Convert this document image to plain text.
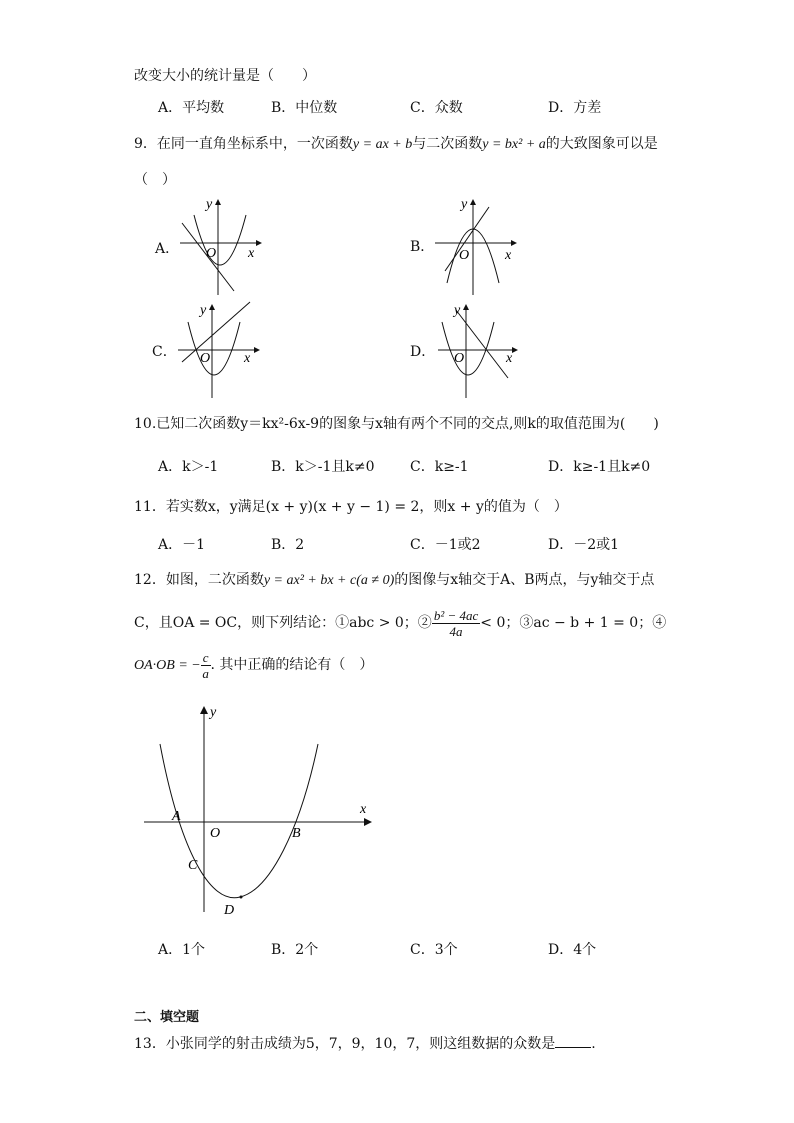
改变大小的统计量是（　　）
A．平均数	B．中位数	C．众数	D．方差
9．在同一直角坐标系中，一次函数y = ax + b与二次函数y = bx² + a的大致图象可以是
（　）
A．	B．
C．	D．
y
x
O
y
x
O
y
x
O
y
x
O
10.已知二次函数y＝kx²-6x-9的图象与x轴有两个不同的交点,则k的取值范围为(　　)
A．k＞-1	B．k＞-1且k≠0	C．k≥-1	D．k≥-1且k≠0
11．若实数x，y满足(x + y)(x + y − 1) = 2，则x + y的值为（　）
A．－1	B．2	C．－1或2	D．－2或1
12．如图，二次函数y = ax² + bx + c(a ≠ 0)的图像与x轴交于A、B两点，与y轴交于点
C，且OA = OC，则下列结论：①abc > 0；② $\frac{\text{b² − 4ac}}{4a} < 0$；③ac − b + 1 = 0；④
OA·OB = − $\frac{c}{a}$ . 其中正确的结论有（　）
y
x
A
O	B
C
D
A．1个	B．2个	C．3个	D．4个
二、填空题
13．小张同学的射击成绩为5，7，9，10，7，则这组数据的众数是	.
